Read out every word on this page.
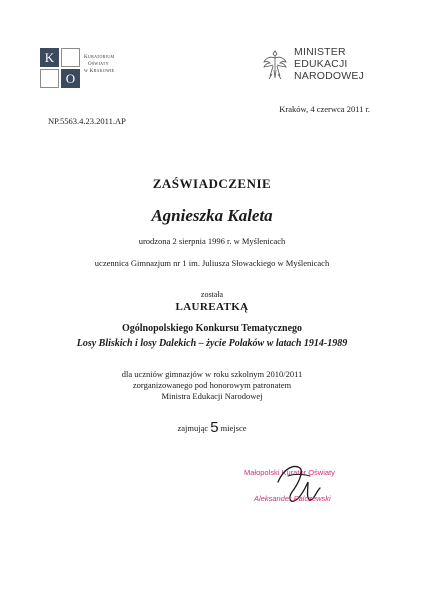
K
O
Kuratorium
Oświaty
w Krakowie
MINISTER
EDUKACJI
NARODOWEJ
Kraków, 4 czerwca 2011 r.
NP.5563.4.23.2011.AP
ZAŚWIADCZENIE
Agnieszka Kaleta
urodzona 2 sierpnia 1996 r. w Myślenicach
uczennica Gimnazjum nr 1 im. Juliusza Słowackiego w Myślenicach
została
LAUREATKĄ
Ogólnopolskiego Konkursu Tematycznego
Losy Bliskich i losy Dalekich – życie Polaków w latach 1914-1989
dla uczniów gimnazjów w roku szkolnym 2010/2011
zorganizowanego pod honorowym patronatem
Ministra Edukacji Narodowej
zajmując 5 miejsce
Małopolski Kurator Oświaty
Aleksander Palczewski
